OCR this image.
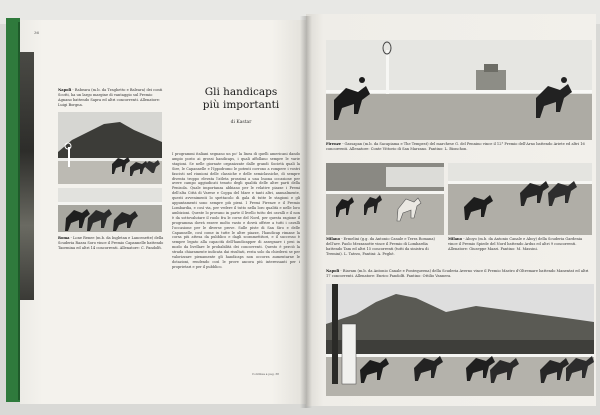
36
Napoli - Rabeara (m.b. da Traghetto e Baleara) dei conti Scotti, ha un largo margine di vantaggio sul Premio Agnano battendo Sapra ed altri concorrenti. Allenatore: Luigi Borgna.
Roma - Lone Renee (m.b. da Ingletan e Lancenette) della Scuderia Razza Soro vince il Premio Capannelle battendo Taormina ed altri 14 concorrenti. Allenatore: C. Pandolfi.
Gli handicaps
più importanti
di Kastar
I programmi italiani segnano un po' la linea di quelli americani dando ampio posto ai grossi handicaps, i quali affollano sempre le varie stagioni. Se nelle giornate organizzate dalle grandi Società quali la Sire, le Capannelle e l'Ippodromo le potenti corrono a rompere i vostri fascisti nel riunioni delle classiche e delle semiclassiche, di sempre diventa troppo elevata l'atleta prossimi a una buona occasione per avere campo aggiudicati tenuto degli qualità delle altre parti della Penisola. Quale importanza abbiano per le relative piazze i Premi dell'alta Città di Varese e Coppa del Mare e tanti altri, annualmente, questi avvenimenti lo spettacolo di gala di tutte le stagioni e gli appuntamenti sono sempre più pieni. I Premi Firenze e il Premio Lombardia, e così via, per vedere il tutto nella loro qualità e nelle loro ambizioni. Queste lo provano in parte il livello tutto dei cavalli e il non è da sottovalutare il ruolo fra le corse del Nord, per questa ragione il programma dovrà essere molto vasto e dovrà offrire a tutti i cavalli l'occasione per le diverse prove. Sulle piste di San Siro e delle Capannelle, così come in tutte le altre piazze, l'handicap rimane la corsa più attesa da pubblico e dagli scommettitori, e il successo è sempre legato alla capacità dell'handicapper di assegnare i pesi in modo da livellare le probabilità dei concorrenti. Questo è perciò la strada chiaramente indicata dai risultati, resta solo da chiedersi se per valorizzare pienamente gli handicaps non occorra aumentarne le dotazioni, rendendo così le prove ancora più interessanti per i proprietari e per il pubblico.
Continua a pag. 38
Firenze - Gassapan (m.b. da Sacapiama e The Tempest) del marchese G. del Pennino vince il 12° Premio dell'Arno battendo Ariete ed altri 16 concorrenti. Allenatore: Conte Vittorio di San Marzano. Fantino: L. Bionchon.
Milano - Ermelini (g.g. da Antonio Canale e Terra Romana) dell'avv. Paolo Mezzanotte vince il Premio di Lombardia battendo Tam ed altri 15 concorrenti (tutti da sinistra di Tremini). L. Tatrzo, Fantini: A. Peghè.
Milano - Aboyo (m.b. da Antonio Canale e Aboy) della Scuderia Gardenia vince il Premio Spiede del Nord battendo Ardus ed altri 9 concorrenti. Allenatore: Giuseppe Mazzi. Fantino: M. Massini.
Napoli - Riavam (m.b. da Antonio Canale e Pontequeena) della Scuderia Averno vince il Premio Mastro d'Oltremare battendo Manentat ed altri 17 concorrenti. Allenatore: Enrico Pandolfi. Fantino: Ottilio Vannera.
